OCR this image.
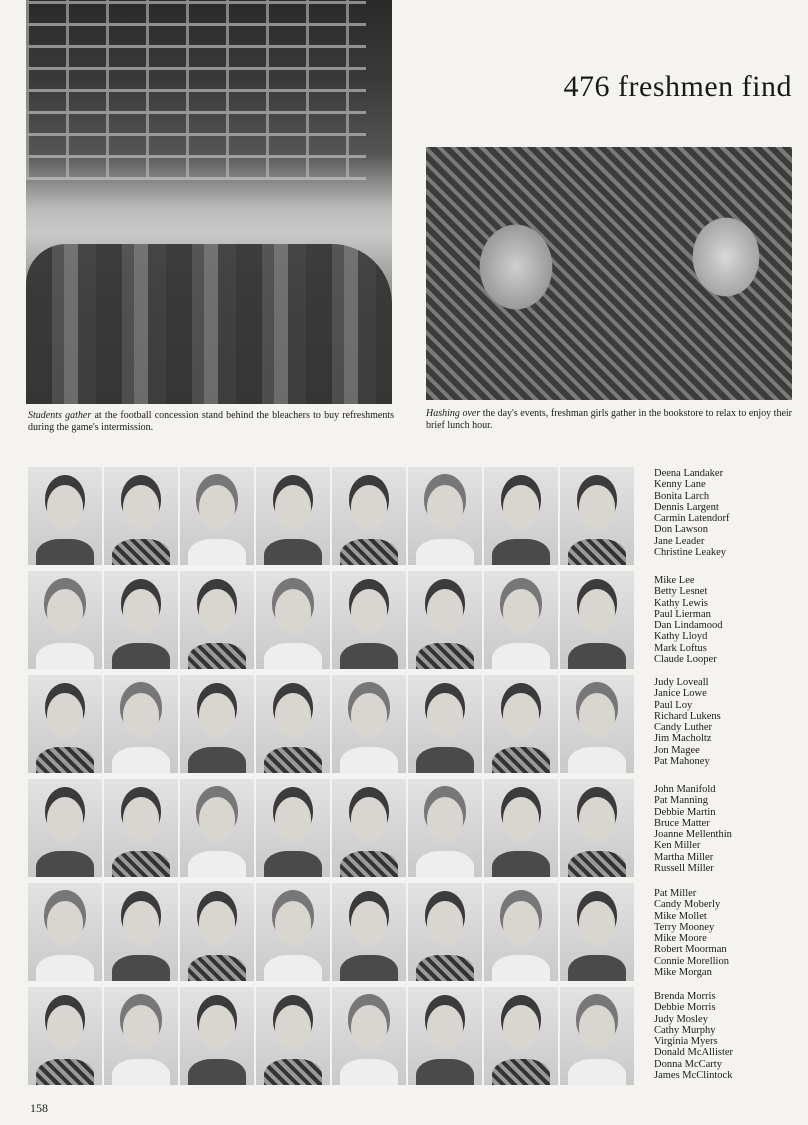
476 freshmen find

Students gather at the football concession stand behind the bleachers to buy refreshments during the game's intermission.

Hashing over the day's events, freshman girls gather in the bookstore to relax to enjoy their brief lunch hour.

Deena Landaker
Kenny Lane
Bonita Larch
Dennis Largent
Carmin Latendorf
Don Lawson
Jane Leader
Christine Leakey
Mike Lee
Betty Lesnet
Kathy Lewis
Paul Lierman
Dan Lindamood
Kathy Lloyd
Mark Loftus
Claude Looper
Judy Loveall
Janice Lowe
Paul Loy
Richard Lukens
Candy Luther
Jim Macholtz
Jon Magee
Pat Mahoney
John Manifold
Pat Manning
Debbie Martin
Bruce Matter
Joanne Mellenthin
Ken Miller
Martha Miller
Russell Miller
Pat Miller
Candy Moberly
Mike Mollet
Terry Mooney
Mike Moore
Robert Moorman
Connie Morellion
Mike Morgan
Brenda Morris
Debbie Morris
Judy Mosley
Cathy Murphy
Virginia Myers
Donald McAllister
Donna McCarty
James McClintock

158
